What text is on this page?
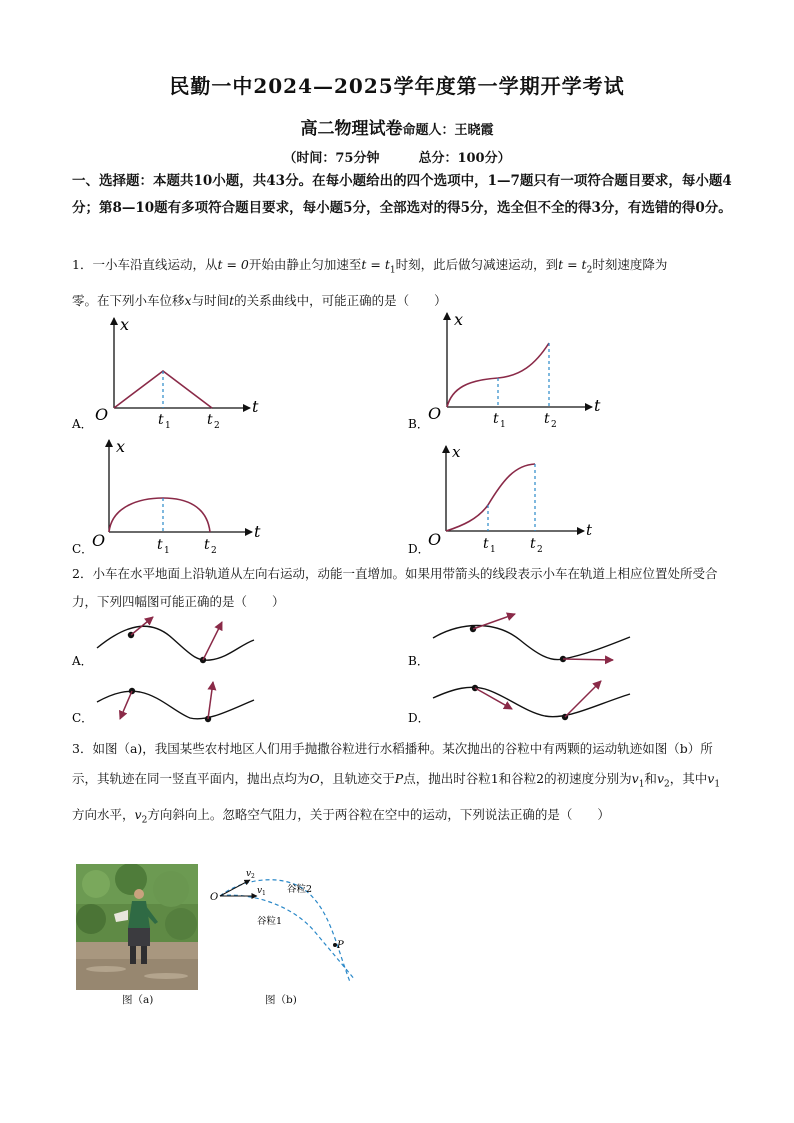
民勤一中2024—2025学年度第一学期开学考试
高二物理试卷命题人：王晓霞
（时间：75分钟　　　总分：100分）
一、选择题：本题共10小题，共43分。在每小题给出的四个选项中，1—7题只有一项符合题目要求，每小题4分；第8—10题有多项符合题目要求，每小题5分，全部选对的得5分，选全但不全的得3分，有选错的得0分。
1．一小车沿直线运动，从t = 0开始由静止匀加速至$t = t_1$时刻，此后做匀减速运动，到$t = t_2$时刻速度降为
零。在下列小车位移x与时间t的关系曲线中，可能正确的是（　　）
x
t
O	t 1	t 2
A．
x
t
O	t 1	t 2
B．
x
t
O	t 1 t 2
C．
x
t
O	t 1 t 2
D．
A．	B．
C．	D．
2．小车在水平地面上沿轨道从左向右运动，动能一直增加。如果用带箭头的线段表示小车在轨道上相应位置处所受合力，下列四幅图可能正确的是（　　）
3．如图（a)，我国某些农村地区人们用手抛撒谷粒进行水稻播种。某次抛出的谷粒中有两颗的运动轨迹如图（b）所示，其轨迹在同一竖直平面内，抛出点均为O，且轨迹交于P点，抛出时谷粒1和谷粒2的初速度分别为$v_1$和$v_2$，其中$v_1$方向水平，$v_2$方向斜向上。忽略空气阻力，关于两谷粒在空中的运动，下列说法正确的是（　　）
图（a)
O
v 2
v 1 谷粒2
谷粒1
P
图（b)
